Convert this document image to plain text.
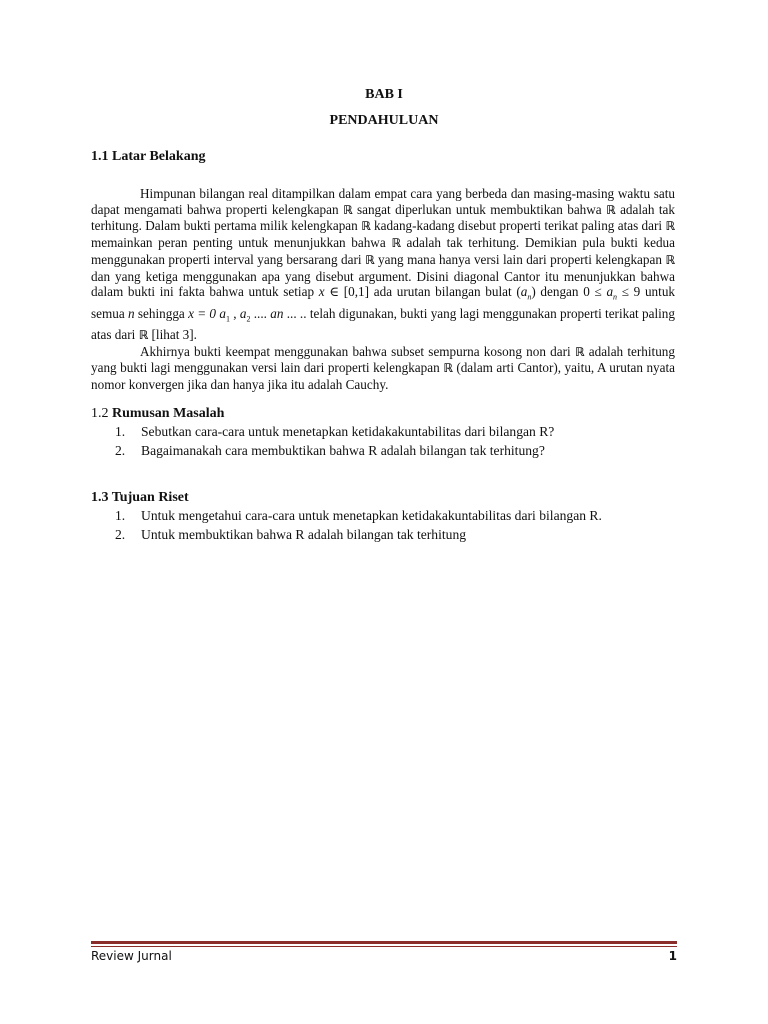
BAB I
PENDAHULUAN
1.1 Latar Belakang

Himpunan bilangan real ditampilkan dalam empat cara yang berbeda dan masing-masing waktu satu dapat mengamati bahwa properti kelengkapan ℝ sangat diperlukan untuk membuktikan bahwa ℝ adalah tak terhitung. Dalam bukti pertama milik kelengkapan ℝ kadang-kadang disebut properti terikat paling atas dari ℝ memainkan peran penting untuk menunjukkan bahwa ℝ adalah tak terhitung. Demikian pula bukti kedua menggunakan properti interval yang bersarang dari ℝ yang mana hanya versi lain dari properti kelengkapan ℝ dan yang ketiga menggunakan apa yang disebut argument. Disini diagonal Cantor itu menunjukkan bahwa dalam bukti ini fakta bahwa untuk setiap x ∈ [0,1] ada urutan bilangan bulat $(a_n)$ dengan $0 \le a_n \le 9$ untuk semua n sehingga x = 0 $a_1$ , $a_2$ .... an ... .. telah digunakan, bukti yang lagi menggunakan properti terikat paling atas dari ℝ [lihat 3].

Akhirnya bukti keempat menggunakan bahwa subset sempurna kosong non dari ℝ adalah terhitung yang bukti lagi menggunakan versi lain dari properti kelengkapan ℝ (dalam arti Cantor), yaitu, A urutan nyata nomor konvergen jika dan hanya jika itu adalah Cauchy.

1.2 Rumusan Masalah
1.	Sebutkan cara-cara untuk menetapkan ketidakakuntabilitas dari bilangan R?
2.	Bagaimanakah cara membuktikan bahwa R adalah bilangan tak terhitung?
1.3 Tujuan Riset
1.	Untuk mengetahui cara-cara untuk menetapkan ketidakakuntabilitas dari bilangan R.
2.	Untuk membuktikan bahwa R adalah bilangan tak terhitung
Review Jurnal	1
